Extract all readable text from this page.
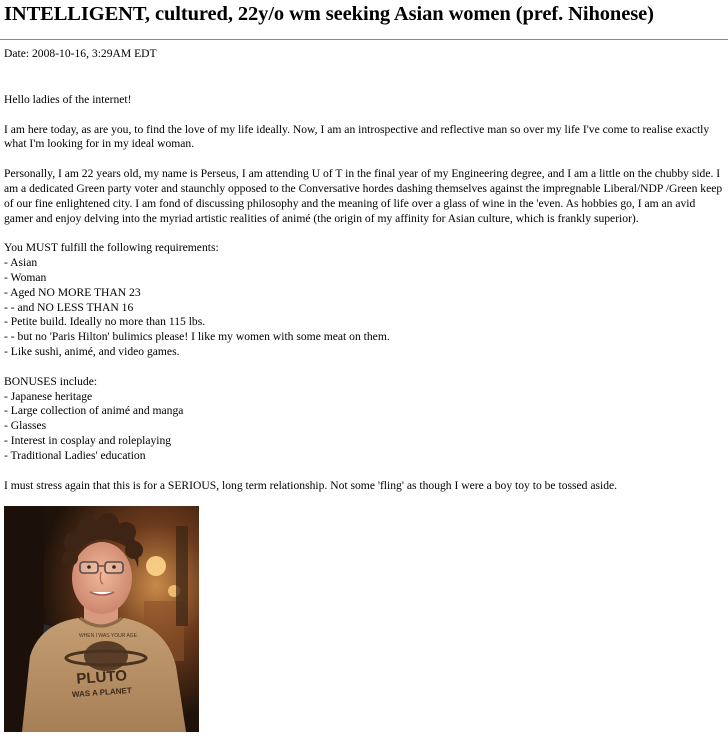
INTELLIGENT, cultured, 22y/o wm seeking Asian women (pref. Nihonese)

Date: 2008-10-16, 3:29AM EDT

Hello ladies of the internet!

I am here today, as are you, to find the love of my life ideally. Now, I am an introspective and reflective man so over my life I've come to realise exactly what I'm looking for in my ideal woman.

Personally, I am 22 years old, my name is Perseus, I am attending U of T in the final year of my Engineering degree, and I am a little on the chubby side. I am a dedicated Green party voter and staunchly opposed to the Conversative hordes dashing themselves against the impregnable Liberal/NDP /Green keep of our fine enlightened city. I am fond of discussing philosophy and the meaning of life over a glass of wine in the 'even. As hobbies go, I am an avid gamer and enjoy delving into the myriad artistic realities of animé (the origin of my affinity for Asian culture, which is frankly superior).

You MUST fulfill the following requirements:
- Asian
- Woman
- Aged NO MORE THAN 23
- - and NO LESS THAN 16
- Petite build. Ideally no more than 115 lbs.
- - but no 'Paris Hilton' bulimics please! I like my women with some meat on them.
- Like sushi, animé, and video games.

BONUSES include:
- Japanese heritage
- Large collection of animé and manga
- Glasses
- Interest in cosplay and roleplaying
- Traditional Ladies' education

I must stress again that this is for a SERIOUS, long term relationship. Not some 'fling' as though I were a boy toy to be tossed aside.

WHEN I WAS YOUR AGE
PLUTO
WAS A PLANET
